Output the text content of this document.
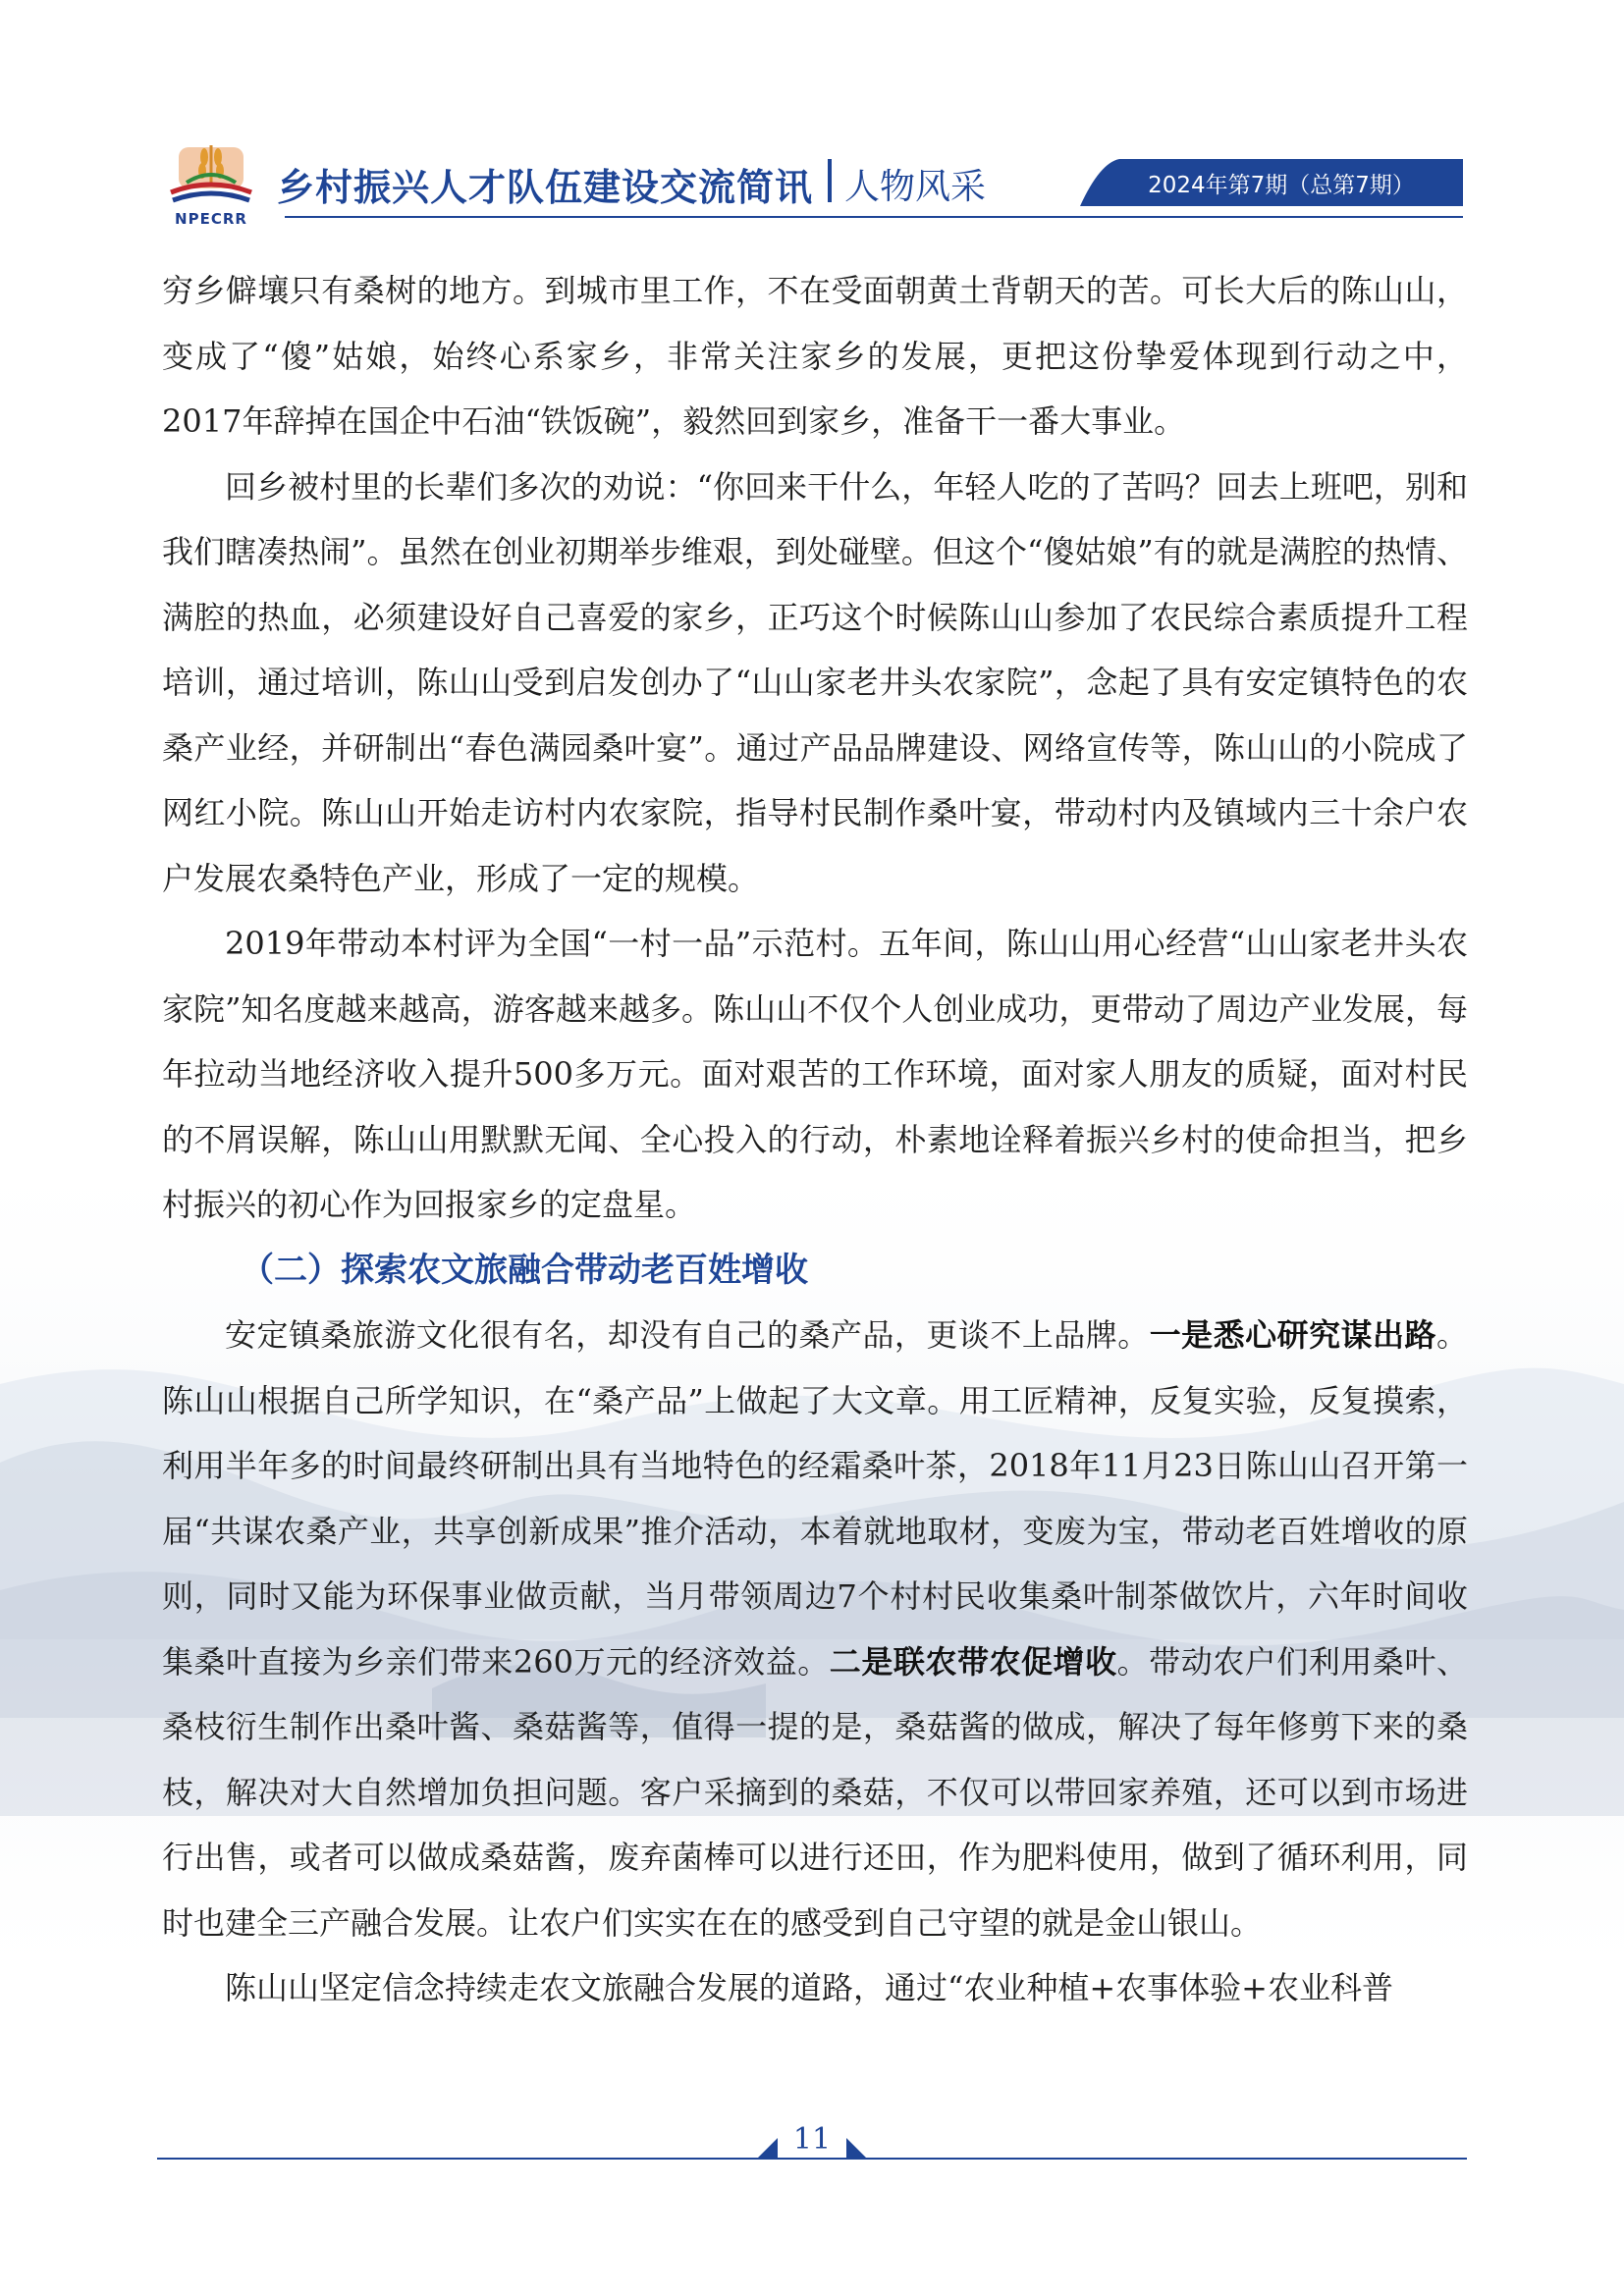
NPECRR
乡村振兴人才队伍建设交流简讯 人物风采	2024年第7期（总第7期）

穷乡僻壤只有桑树的地方。到城市里工作，不在受面朝黄土背朝天的苦。可长大后的陈山山，变成了“傻”姑娘，始终心系家乡，非常关注家乡的发展，更把这份挚爱体现到行动之中，2017年辞掉在国企中石油“铁饭碗”，毅然回到家乡，准备干一番大事业。

回乡被村里的长辈们多次的劝说：“你回来干什么，年轻人吃的了苦吗？回去上班吧，别和我们瞎凑热闹”。虽然在创业初期举步维艰，到处碰壁。但这个“傻姑娘”有的就是满腔的热情、满腔的热血，必须建设好自己喜爱的家乡，正巧这个时候陈山山参加了农民综合素质提升工程培训，通过培训，陈山山受到启发创办了“山山家老井头农家院”，念起了具有安定镇特色的农桑产业经，并研制出“春色满园桑叶宴”。通过产品品牌建设、网络宣传等，陈山山的小院成了网红小院。陈山山开始走访村内农家院，指导村民制作桑叶宴，带动村内及镇域内三十余户农户发展农桑特色产业，形成了一定的规模。

2019年带动本村评为全国“一村一品”示范村。五年间，陈山山用心经营“山山家老井头农家院”知名度越来越高，游客越来越多。陈山山不仅个人创业成功，更带动了周边产业发展，每年拉动当地经济收入提升500多万元。面对艰苦的工作环境，面对家人朋友的质疑，面对村民的不屑误解，陈山山用默默无闻、全心投入的行动，朴素地诠释着振兴乡村的使命担当，把乡村振兴的初心作为回报家乡的定盘星。

（二）探索农文旅融合带动老百姓增收

安定镇桑旅游文化很有名，却没有自己的桑产品，更谈不上品牌。一是悉心研究谋出路。陈山山根据自己所学知识，在“桑产品”上做起了大文章。用工匠精神，反复实验，反复摸索，利用半年多的时间最终研制出具有当地特色的经霜桑叶茶，2018年11月23日陈山山召开第一届“共谋农桑产业，共享创新成果”推介活动，本着就地取材，变废为宝，带动老百姓增收的原则，同时又能为环保事业做贡献，当月带领周边7个村村民收集桑叶制茶做饮片，六年时间收集桑叶直接为乡亲们带来260万元的经济效益。二是联农带农促增收。带动农户们利用桑叶、桑枝衍生制作出桑叶酱、桑菇酱等，值得一提的是，桑菇酱的做成，解决了每年修剪下来的桑枝，解决对大自然增加负担问题。客户采摘到的桑菇，不仅可以带回家养殖，还可以到市场进行出售，或者可以做成桑菇酱，废弃菌棒可以进行还田，作为肥料使用，做到了循环利用，同时也建全三产融合发展。让农户们实实在在的感受到自己守望的就是金山银山。

陈山山坚定信念持续走农文旅融合发展的道路，通过“农业种植+农事体验+农业科普

11
